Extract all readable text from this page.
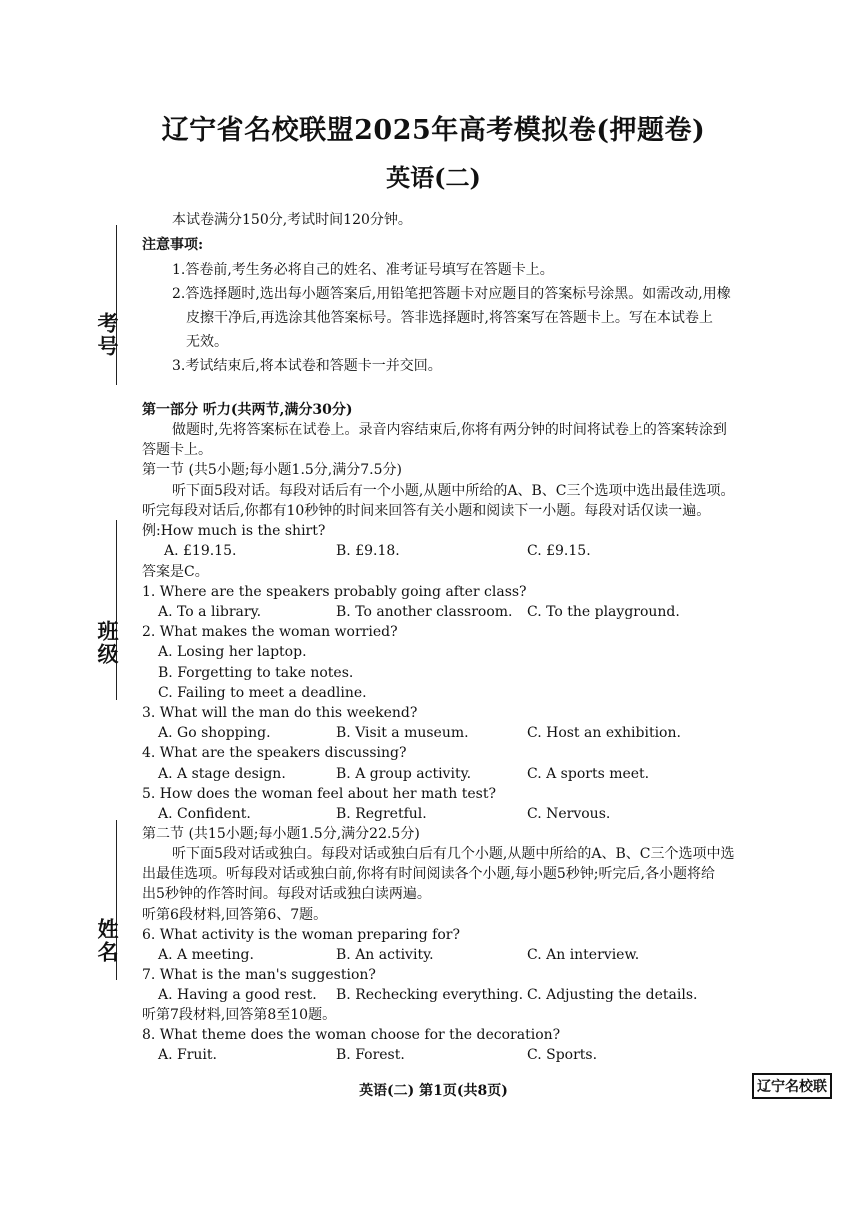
辽宁省名校联盟2025年高考模拟卷(押题卷)
英语(二)
考号
班级
姓名
本试卷满分150分,考试时间120分钟。
注意事项:
1.答卷前,考生务必将自己的姓名、准考证号填写在答题卡上。
2.答选择题时,选出每小题答案后,用铅笔把答题卡对应题目的答案标号涂黑。如需改动,用橡
皮擦干净后,再选涂其他答案标号。答非选择题时,将答案写在答题卡上。写在本试卷上
无效。
3.考试结束后,将本试卷和答题卡一并交回。
第一部分 听力(共两节,满分30分)
做题时,先将答案标在试卷上。录音内容结束后,你将有两分钟的时间将试卷上的答案转涂到
答题卡上。
第一节 (共5小题;每小题1.5分,满分7.5分)
听下面5段对话。每段对话后有一个小题,从题中所给的A、B、C三个选项中选出最佳选项。
听完每段对话后,你都有10秒钟的时间来回答有关小题和阅读下一小题。每段对话仅读一遍。
例:How much is the shirt?
A. £19.15.	B. £9.18.	C. £9.15.
答案是C。
1. Where are the speakers probably going after class?
A. To a library.	B. To another classroom. C. To the playground.
2. What makes the woman worried?
A. Losing her laptop.
B. Forgetting to take notes.
C. Failing to meet a deadline.
3. What will the man do this weekend?
A. Go shopping.	B. Visit a museum.	C. Host an exhibition.
4. What are the speakers discussing?
A. A stage design.	B. A group activity.	C. A sports meet.
5. How does the woman feel about her math test?
A. Confident.	B. Regretful.	C. Nervous.
第二节 (共15小题;每小题1.5分,满分22.5分)
听下面5段对话或独白。每段对话或独白后有几个小题,从题中所给的A、B、C三个选项中选
出最佳选项。听每段对话或独白前,你将有时间阅读各个小题,每小题5秒钟;听完后,各小题将给
出5秒钟的作答时间。每段对话或独白读两遍。
听第6段材料,回答第6、7题。
6. What activity is the woman preparing for?
A. A meeting.	B. An activity.	C. An interview.
7. What is the man's suggestion?
A. Having a good rest. B. Rechecking everything. C. Adjusting the details.
听第7段材料,回答第8至10题。
8. What theme does the woman choose for the decoration?
A. Fruit.	B. Forest.	C. Sports.
英语(二) 第1页(共8页)	辽宁名校联
